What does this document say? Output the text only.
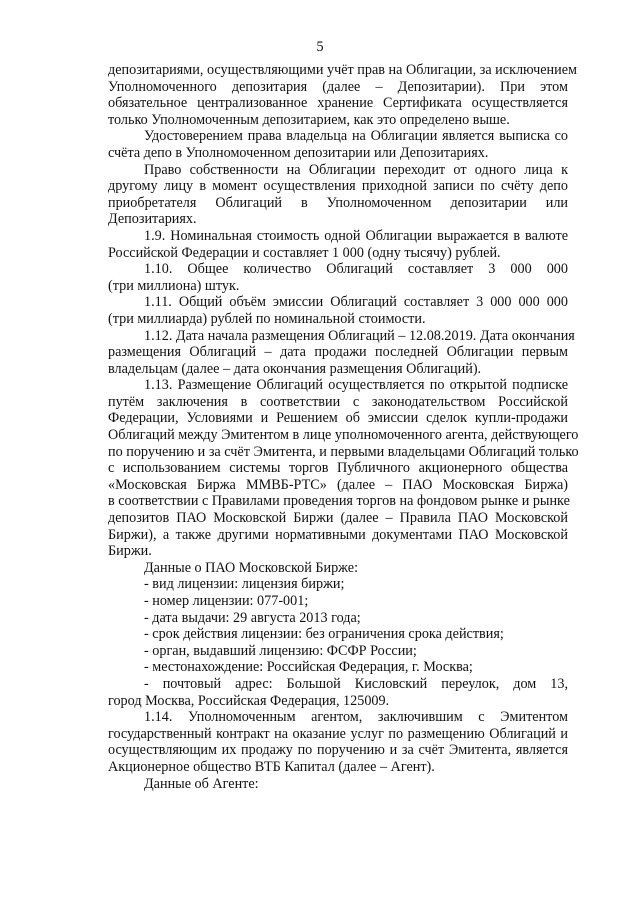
5
депозитариями, осуществляющими учёт прав на Облигации, за исключением
Уполномоченного депозитария (далее – Депозитарии). При этом
обязательное централизованное хранение Сертификата осуществляется
только Уполномоченным депозитарием, как это определено выше.
Удостоверением права владельца на Облигации является выписка со
счёта депо в Уполномоченном депозитарии или Депозитариях.
Право собственности на Облигации переходит от одного лица к
другому лицу в момент осуществления приходной записи по счёту депо
приобретателя Облигаций в Уполномоченном депозитарии или
Депозитариях.
1.9. Номинальная стоимость одной Облигации выражается в валюте
Российской Федерации и составляет 1 000 (одну тысячу) рублей.
1.10. Общее количество Облигаций составляет 3 000 000
(три миллиона) штук.
1.11. Общий объём эмиссии Облигаций составляет 3 000 000 000
(три миллиарда) рублей по номинальной стоимости.
1.12. Дата начала размещения Облигаций – 12.08.2019. Дата окончания
размещения Облигаций – дата продажи последней Облигации первым
владельцам (далее – дата окончания размещения Облигаций).
1.13. Размещение Облигаций осуществляется по открытой подписке
путём заключения в соответствии с законодательством Российской
Федерации, Условиями и Решением об эмиссии сделок купли-продажи
Облигаций между Эмитентом в лице уполномоченного агента, действующего
по поручению и за счёт Эмитента, и первыми владельцами Облигаций только
с использованием системы торгов Публичного акционерного общества
«Московская Биржа ММВБ-РТС» (далее – ПАО Московская Биржа)
в соответствии с Правилами проведения торгов на фондовом рынке и рынке
депозитов ПАО Московской Биржи (далее – Правила ПАО Московской
Биржи), а также другими нормативными документами ПАО Московской
Биржи.
Данные о ПАО Московской Бирже:
- вид лицензии: лицензия биржи;
- номер лицензии: 077-001;
- дата выдачи: 29 августа 2013 года;
- срок действия лицензии: без ограничения срока действия;
- орган, выдавший лицензию: ФСФР России;
- местонахождение: Российская Федерация, г. Москва;
- почтовый адрес: Большой Кисловский переулок, дом 13,
город Москва, Российская Федерация, 125009.
1.14. Уполномоченным агентом, заключившим с Эмитентом
государственный контракт на оказание услуг по размещению Облигаций и
осуществляющим их продажу по поручению и за счёт Эмитента, является
Акционерное общество ВТБ Капитал (далее – Агент).
Данные об Агенте:
